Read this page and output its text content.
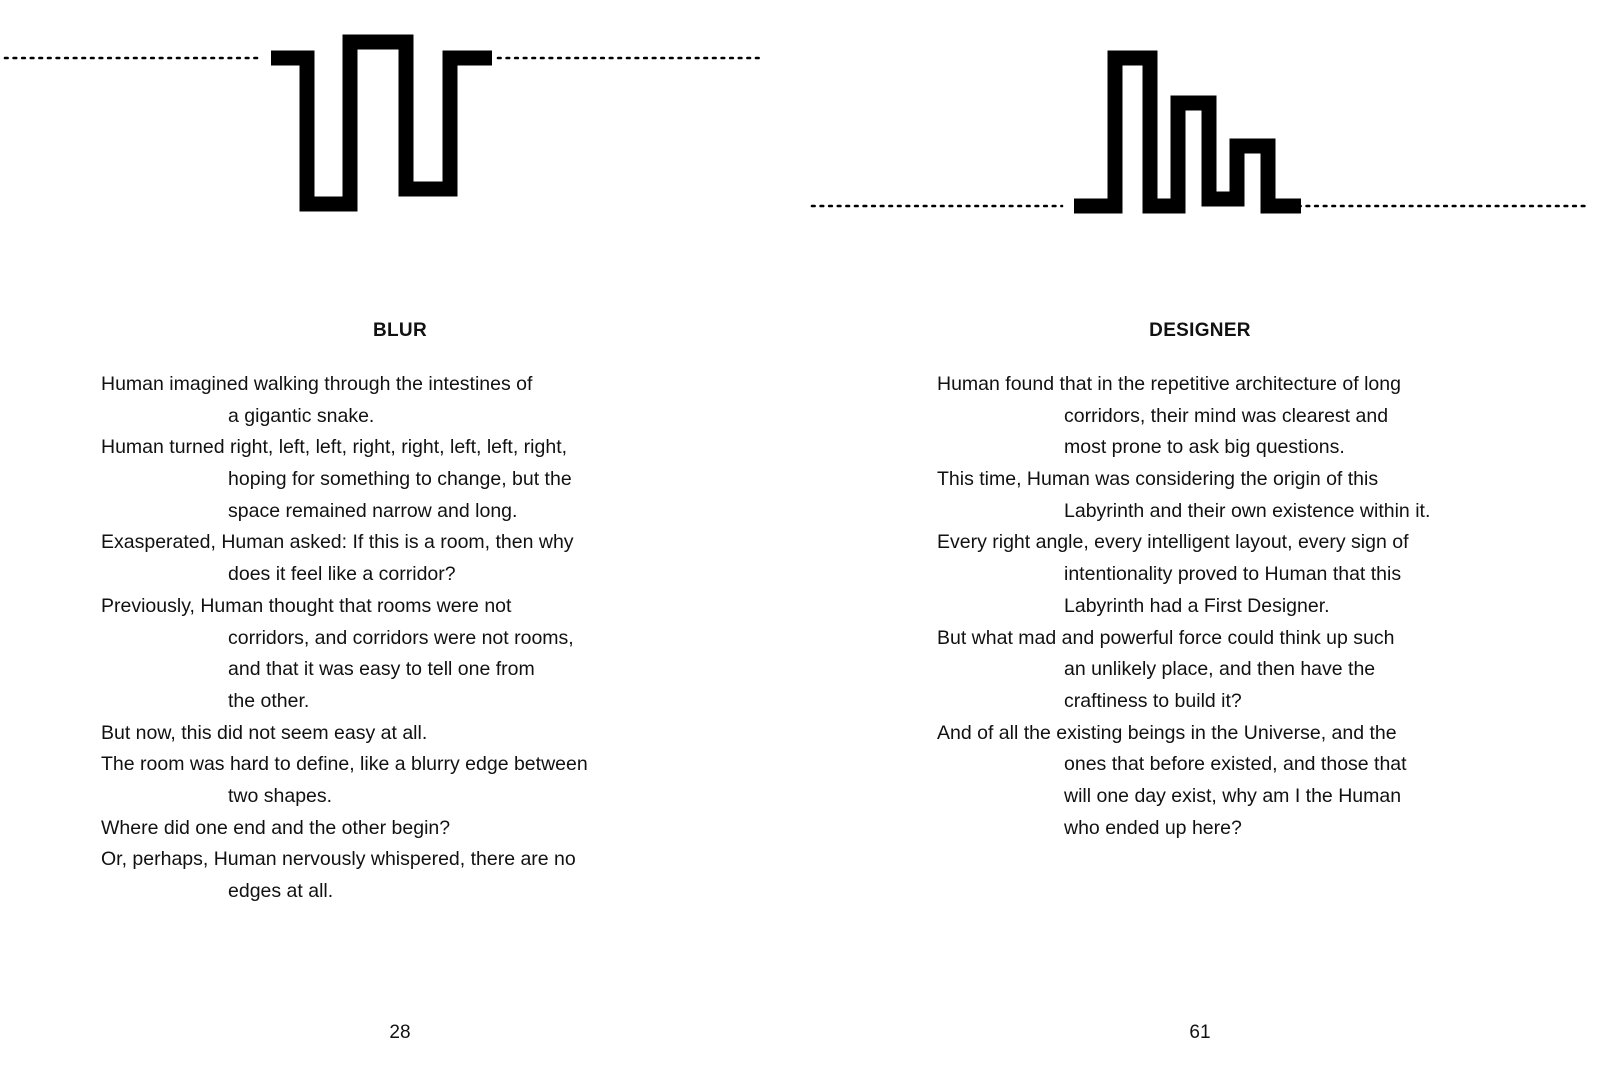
BLUR
Human imagined walking through the intestines of
a gigantic snake.
Human turned right, left, left, right, right, left, left, right,
hoping for something to change, but the
space remained narrow and long.
Exasperated, Human asked: If this is a room, then why
does it feel like a corridor?
Previously, Human thought that rooms were not
corridors, and corridors were not rooms,
and that it was easy to tell one from
the other.
But now, this did not seem easy at all.
The room was hard to define, like a blurry edge between
two shapes.
Where did one end and the other begin?
Or, perhaps, Human nervously whispered, there are no
edges at all.
28
DESIGNER
Human found that in the repetitive architecture of long
corridors, their mind was clearest and
most prone to ask big questions.
This time, Human was considering the origin of this
Labyrinth and their own existence within it.
Every right angle, every intelligent layout, every sign of
intentionality proved to Human that this
Labyrinth had a First Designer.
But what mad and powerful force could think up such
an unlikely place, and then have the
craftiness to build it?
And of all the existing beings in the Universe, and the
ones that before existed, and those that
will one day exist, why am I the Human
who ended up here?
61
